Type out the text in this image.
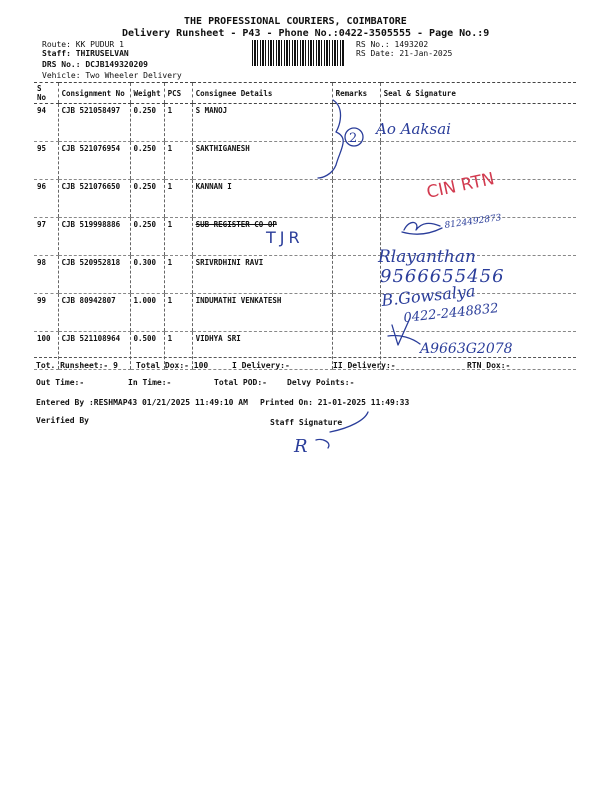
THE PROFESSIONAL COURIERS, COIMBATORE
Delivery Runsheet - P43 - Phone No.:0422-3505555 - Page No.:9
Route: KK PUDUR 1
Staff: THIRUSELVAN
DRS No.: DCJB149320209
Vehicle: Two Wheeler Delivery
RS No.: 1493202
RS Date: 21-Jan-2025
S No	Consignment No	Weight	PCS	Consignee Details	Remarks	Seal & Signature
94	CJB 521058497	0.250	1	S MANOJ		
95	CJB 521076954	0.250	1	SAKTHIGANESH		
96	CJB 521076650	0.250	1	KANNAN I		
97	CJB 519998886	0.250	1	SUB REGISTER CO OP		
98	CJB 520952818	0.300	1	SRIVRDHINI RAVI		
99	CJB 80942807	1.000	1	INDUMATHI VENKATESH		
100	CJB 521108964	0.500	1	VIDHYA SRI		
2
Ao Aaksai
CIN RTN
TJR
8124492873
Rlayanthan
9566655456
B.Gowsalya
0422-2448832
A9663G2078
R
Tot. Runsheet:- 9 Total Dox:- 100	I Delivery:-	II Delivery:-	RTN Dox:-
Out Time:-	In Time:-	Total POD:-	Delvy Points:-
Entered By :RESHMAP43 01/21/2025 11:49:10 AM Printed On: 21-01-2025 11:49:33
Verified By	Staff Signature
